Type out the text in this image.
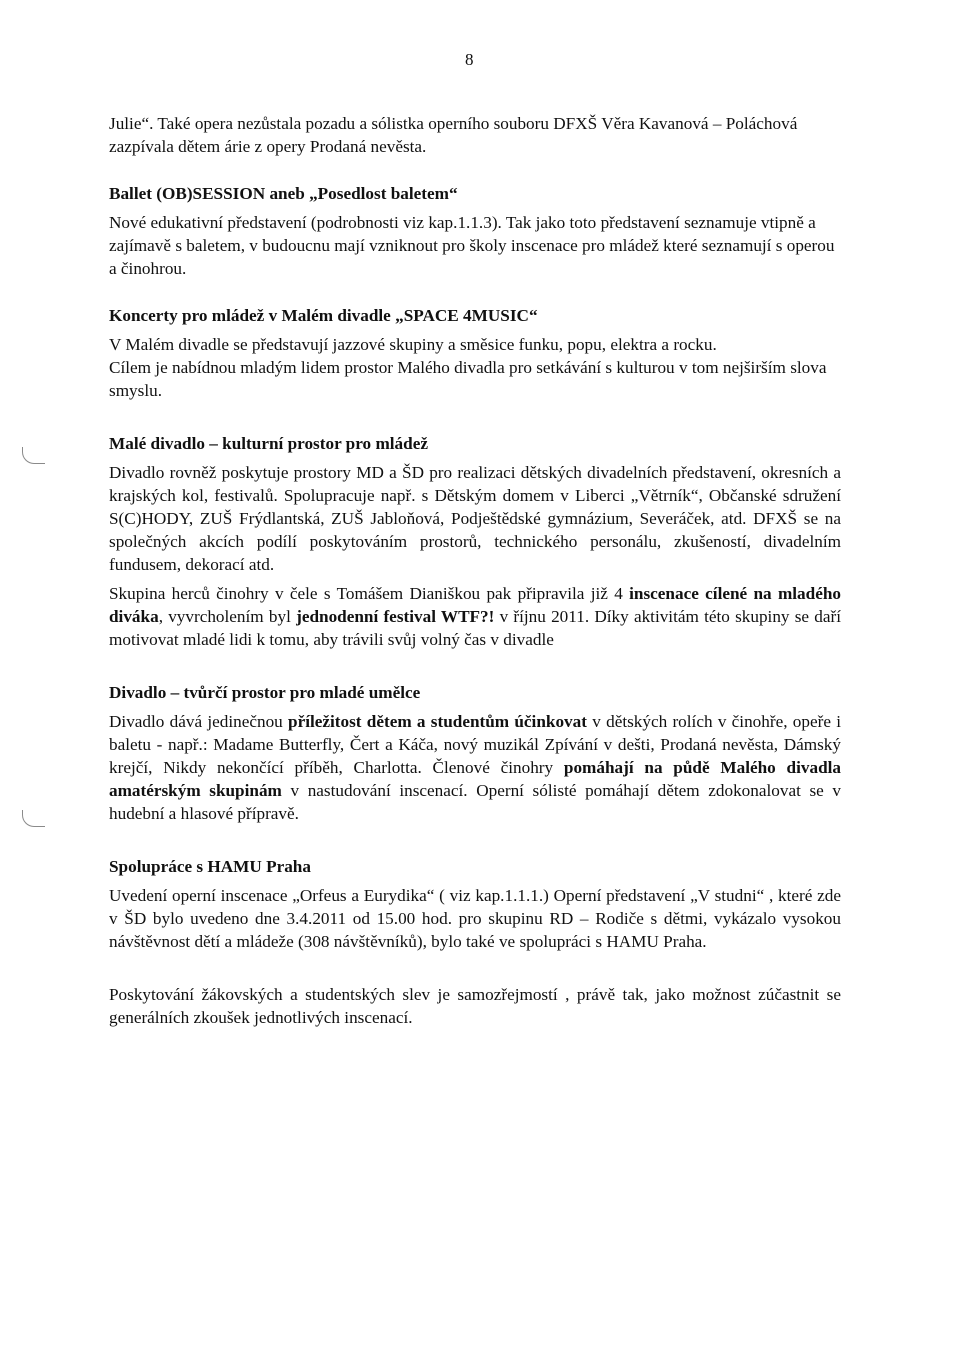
8

Julie“. Také opera nezůstala pozadu a sólistka operního souboru DFXŠ Věra Kavanová – Poláchová zazpívala dětem árie z opery Prodaná nevěsta.

Ballet (OB)SESSION aneb „Posedlost baletem“

Nové edukativní představení (podrobnosti viz kap.1.1.3). Tak jako toto představení seznamuje vtipně a zajímavě s baletem, v budoucnu mají vzniknout pro školy inscenace pro mládež které seznamují s operou a činohrou.

Koncerty pro mládež v Malém divadle „SPACE 4MUSIC“

V Malém divadle se představují jazzové skupiny a směsice funku, popu, elektra a rocku.

Cílem je nabídnou mladým lidem prostor Malého divadla pro setkávání s kulturou v tom nejširším slova smyslu.

Malé divadlo – kulturní prostor pro mládež

Divadlo rovněž poskytuje prostory MD a ŠD pro realizaci dětských divadelních představení, okresních a krajských kol, festivalů. Spolupracuje např. s Dětským domem v Liberci „Větrník“, Občanské sdružení S(C)HODY, ZUŠ Frýdlantská, ZUŠ Jabloňová, Podještědské gymnázium, Severáček, atd. DFXŠ se na společných akcích podílí poskytováním prostorů, technického personálu, zkušeností, divadelním fundusem, dekorací atd.

Skupina herců činohry v čele s Tomášem Dianiškou pak připravila již 4 inscenace cílené na mladého diváka, vyvrcholením byl jednodenní festival WTF?! v říjnu 2011. Díky aktivitám této skupiny se daří motivovat mladé lidi k tomu, aby trávili svůj volný čas v divadle

Divadlo – tvůrčí prostor pro mladé umělce

Divadlo dává jedinečnou příležitost dětem a studentům účinkovat v dětských rolích v činohře, opeře i baletu - např.: Madame Butterfly, Čert a Káča, nový muzikál Zpívání v dešti, Prodaná nevěsta, Dámský krejčí, Nikdy nekončící příběh, Charlotta. Členové činohry pomáhají na půdě Malého divadla amatérským skupinám v nastudování inscenací. Operní sólisté pomáhají dětem zdokonalovat se v hudební a hlasové přípravě.

Spolupráce s HAMU Praha

Uvedení operní inscenace „Orfeus a Eurydika“ ( viz kap.1.1.1.) Operní představení „V studni“ , které zde v ŠD bylo uvedeno dne 3.4.2011 od 15.00 hod. pro skupinu RD – Rodiče s dětmi, vykázalo vysokou návštěvnost dětí a mládeže (308 návštěvníků), bylo také ve spolupráci s HAMU Praha.

Poskytování žákovských a studentských slev je samozřejmostí , právě tak, jako možnost zúčastnit se generálních zkoušek jednotlivých inscenací.
